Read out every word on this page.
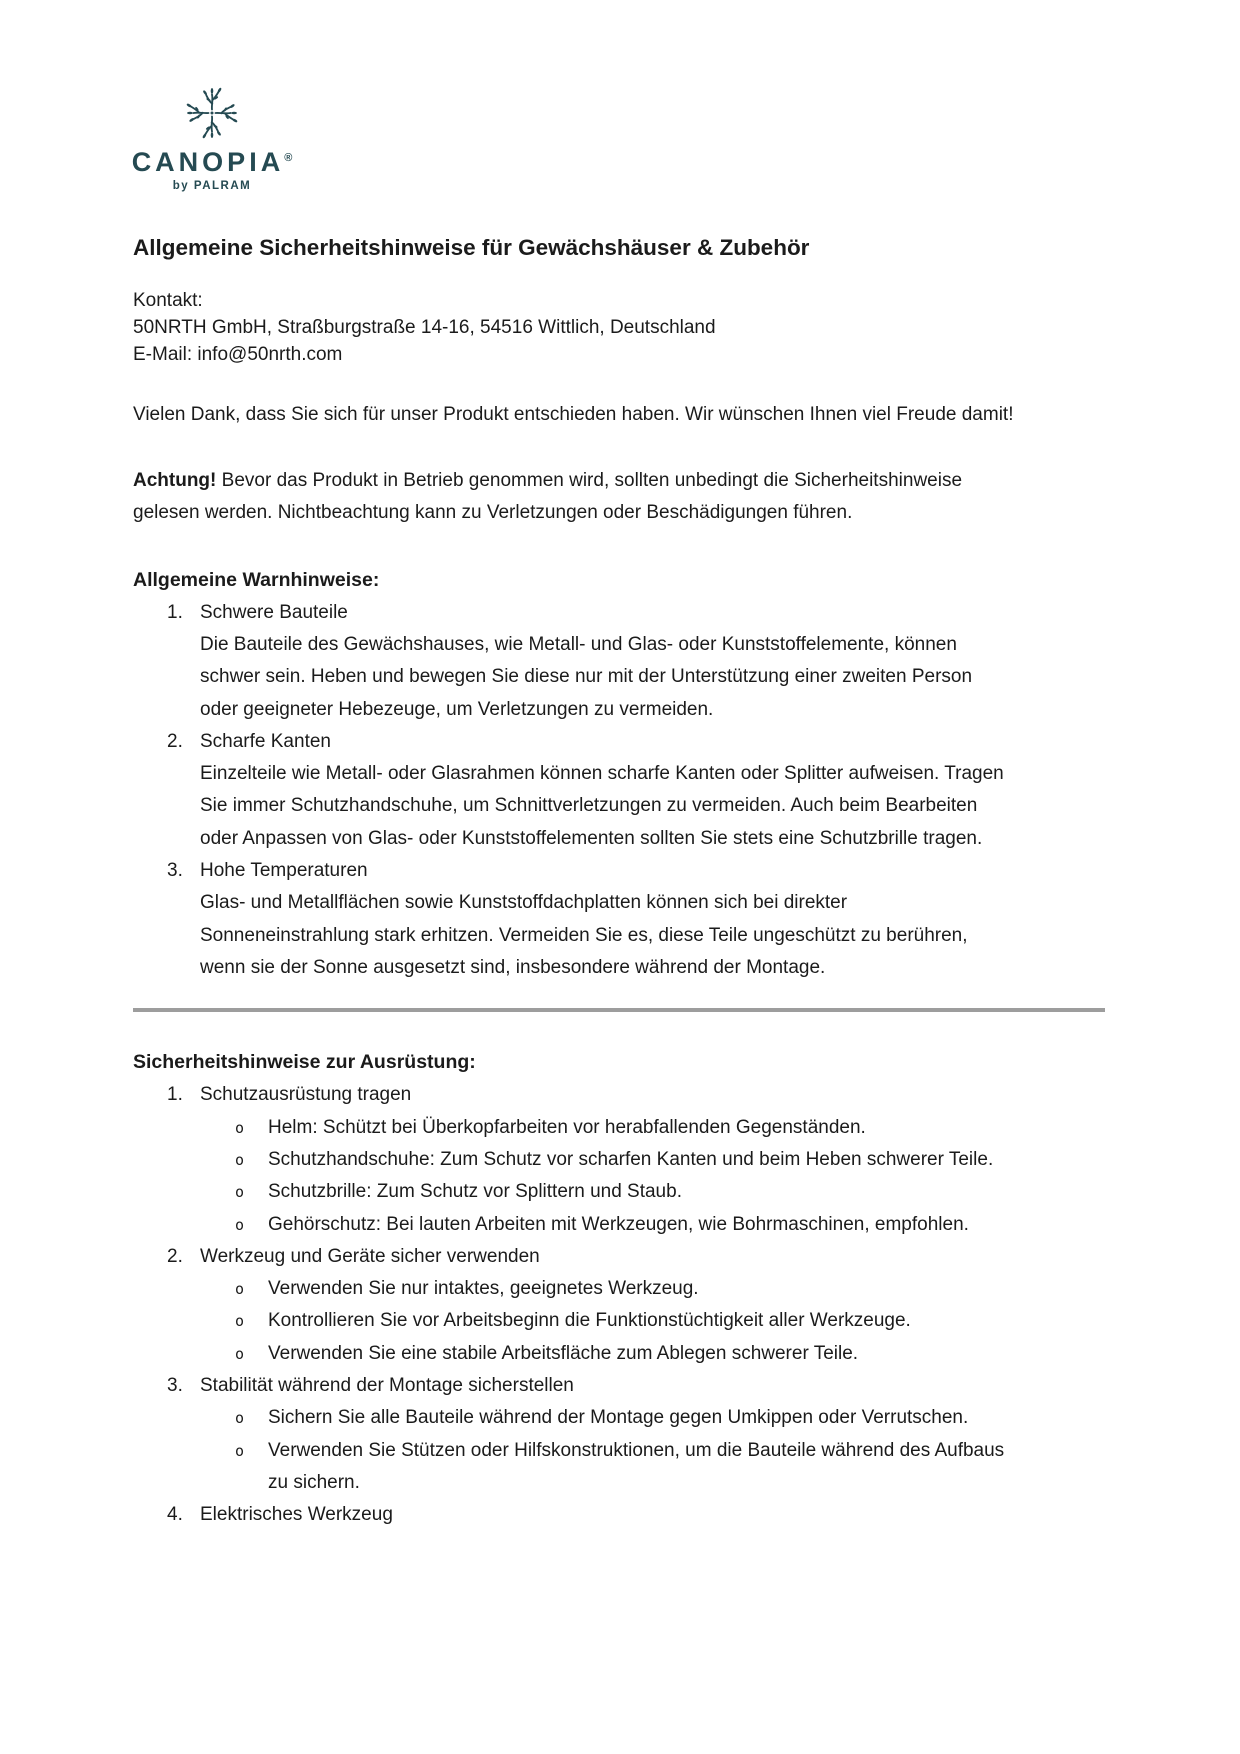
CANOPIA®
by PALRAM
Allgemeine Sicherheitshinweise für Gewächshäuser & Zubehör
Kontakt:
50NRTH GmbH, Straßburgstraße 14-16, 54516 Wittlich, Deutschland
E-Mail: info@50nrth.com

Vielen Dank, dass Sie sich für unser Produkt entschieden haben. Wir wünschen Ihnen viel Freude damit!

Achtung! Bevor das Produkt in Betrieb genommen wird, sollten unbedingt die Sicherheitshinweise gelesen werden. Nichtbeachtung kann zu Verletzungen oder Beschädigungen führen.

Allgemeine Warnhinweise:
1. Schwere Bauteile
Die Bauteile des Gewächshauses, wie Metall- und Glas- oder Kunststoffelemente, können schwer sein. Heben und bewegen Sie diese nur mit der Unterstützung einer zweiten Person oder geeigneter Hebezeuge, um Verletzungen zu vermeiden.
2. Scharfe Kanten
Einzelteile wie Metall- oder Glasrahmen können scharfe Kanten oder Splitter aufweisen. Tragen Sie immer Schutzhandschuhe, um Schnittverletzungen zu vermeiden. Auch beim Bearbeiten oder Anpassen von Glas- oder Kunststoffelementen sollten Sie stets eine Schutzbrille tragen.
3. Hohe Temperaturen
Glas- und Metallflächen sowie Kunststoffdachplatten können sich bei direkter Sonneneinstrahlung stark erhitzen. Vermeiden Sie es, diese Teile ungeschützt zu berühren, wenn sie der Sonne ausgesetzt sind, insbesondere während der Montage.
Sicherheitshinweise zur Ausrüstung:
1. Schutzausrüstung tragen
o	Helm: Schützt bei Überkopfarbeiten vor herabfallenden Gegenständen.
o	Schutzhandschuhe: Zum Schutz vor scharfen Kanten und beim Heben schwerer Teile.
o	Schutzbrille: Zum Schutz vor Splittern und Staub.
o	Gehörschutz: Bei lauten Arbeiten mit Werkzeugen, wie Bohrmaschinen, empfohlen.
2. Werkzeug und Geräte sicher verwenden
o	Verwenden Sie nur intaktes, geeignetes Werkzeug.
o	Kontrollieren Sie vor Arbeitsbeginn die Funktionstüchtigkeit aller Werkzeuge.
o	Verwenden Sie eine stabile Arbeitsfläche zum Ablegen schwerer Teile.
3. Stabilität während der Montage sicherstellen
o	Sichern Sie alle Bauteile während der Montage gegen Umkippen oder Verrutschen.
o	Verwenden Sie Stützen oder Hilfskonstruktionen, um die Bauteile während des Aufbaus zu sichern.
4. Elektrisches Werkzeug
